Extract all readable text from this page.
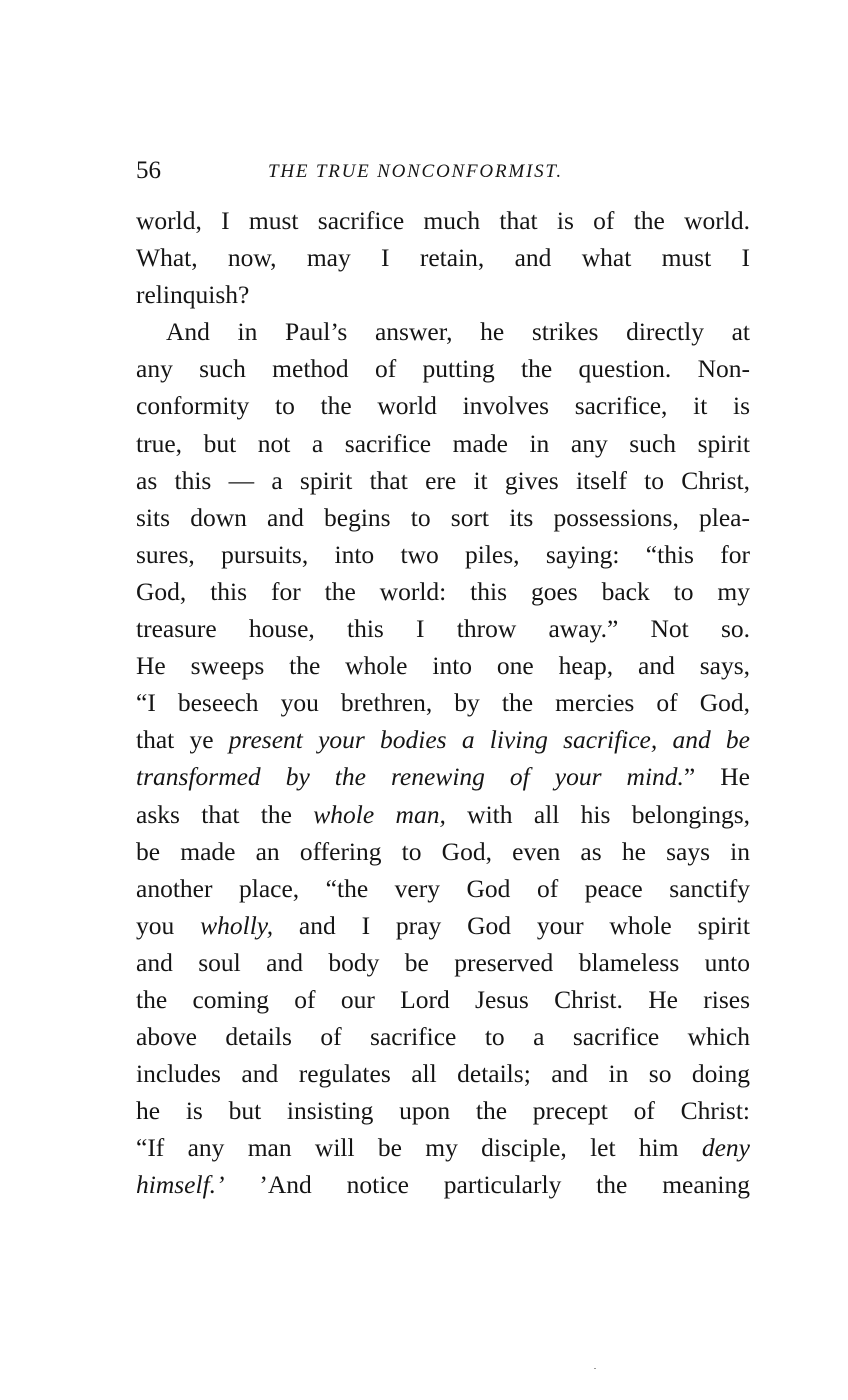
56	THE TRUE NONCONFORMIST.
world, I must sacrifice much that is of the world.
What, now, may I retain, and what must I
relinquish?
And in Paul’s answer, he strikes directly at
any such method of putting the question. Non-
conformity to the world involves sacrifice, it is
true, but not a sacrifice made in any such spirit
as this — a spirit that ere it gives itself to Christ,
sits down and begins to sort its possessions, plea-
sures, pursuits, into two piles, saying: “this for
God, this for the world: this goes back to my
treasure house, this I throw away.” Not so.
He sweeps the whole into one heap, and says,
“I beseech you brethren, by the mercies of God,
that ye present your bodies a living sacrifice, and be
transformed by the renewing of your mind.” He
asks that the whole man, with all his belongings,
be made an offering to God, even as he says in
another place, “the very God of peace sanctify
you wholly, and I pray God your whole spirit
and soul and body be preserved blameless unto
the coming of our Lord Jesus Christ. He rises
above details of sacrifice to a sacrifice which
includes and regulates all details; and in so doing
he is but insisting upon the precept of Christ:
“If any man will be my disciple, let him deny
himself.’ ’And notice particularly the meaning
